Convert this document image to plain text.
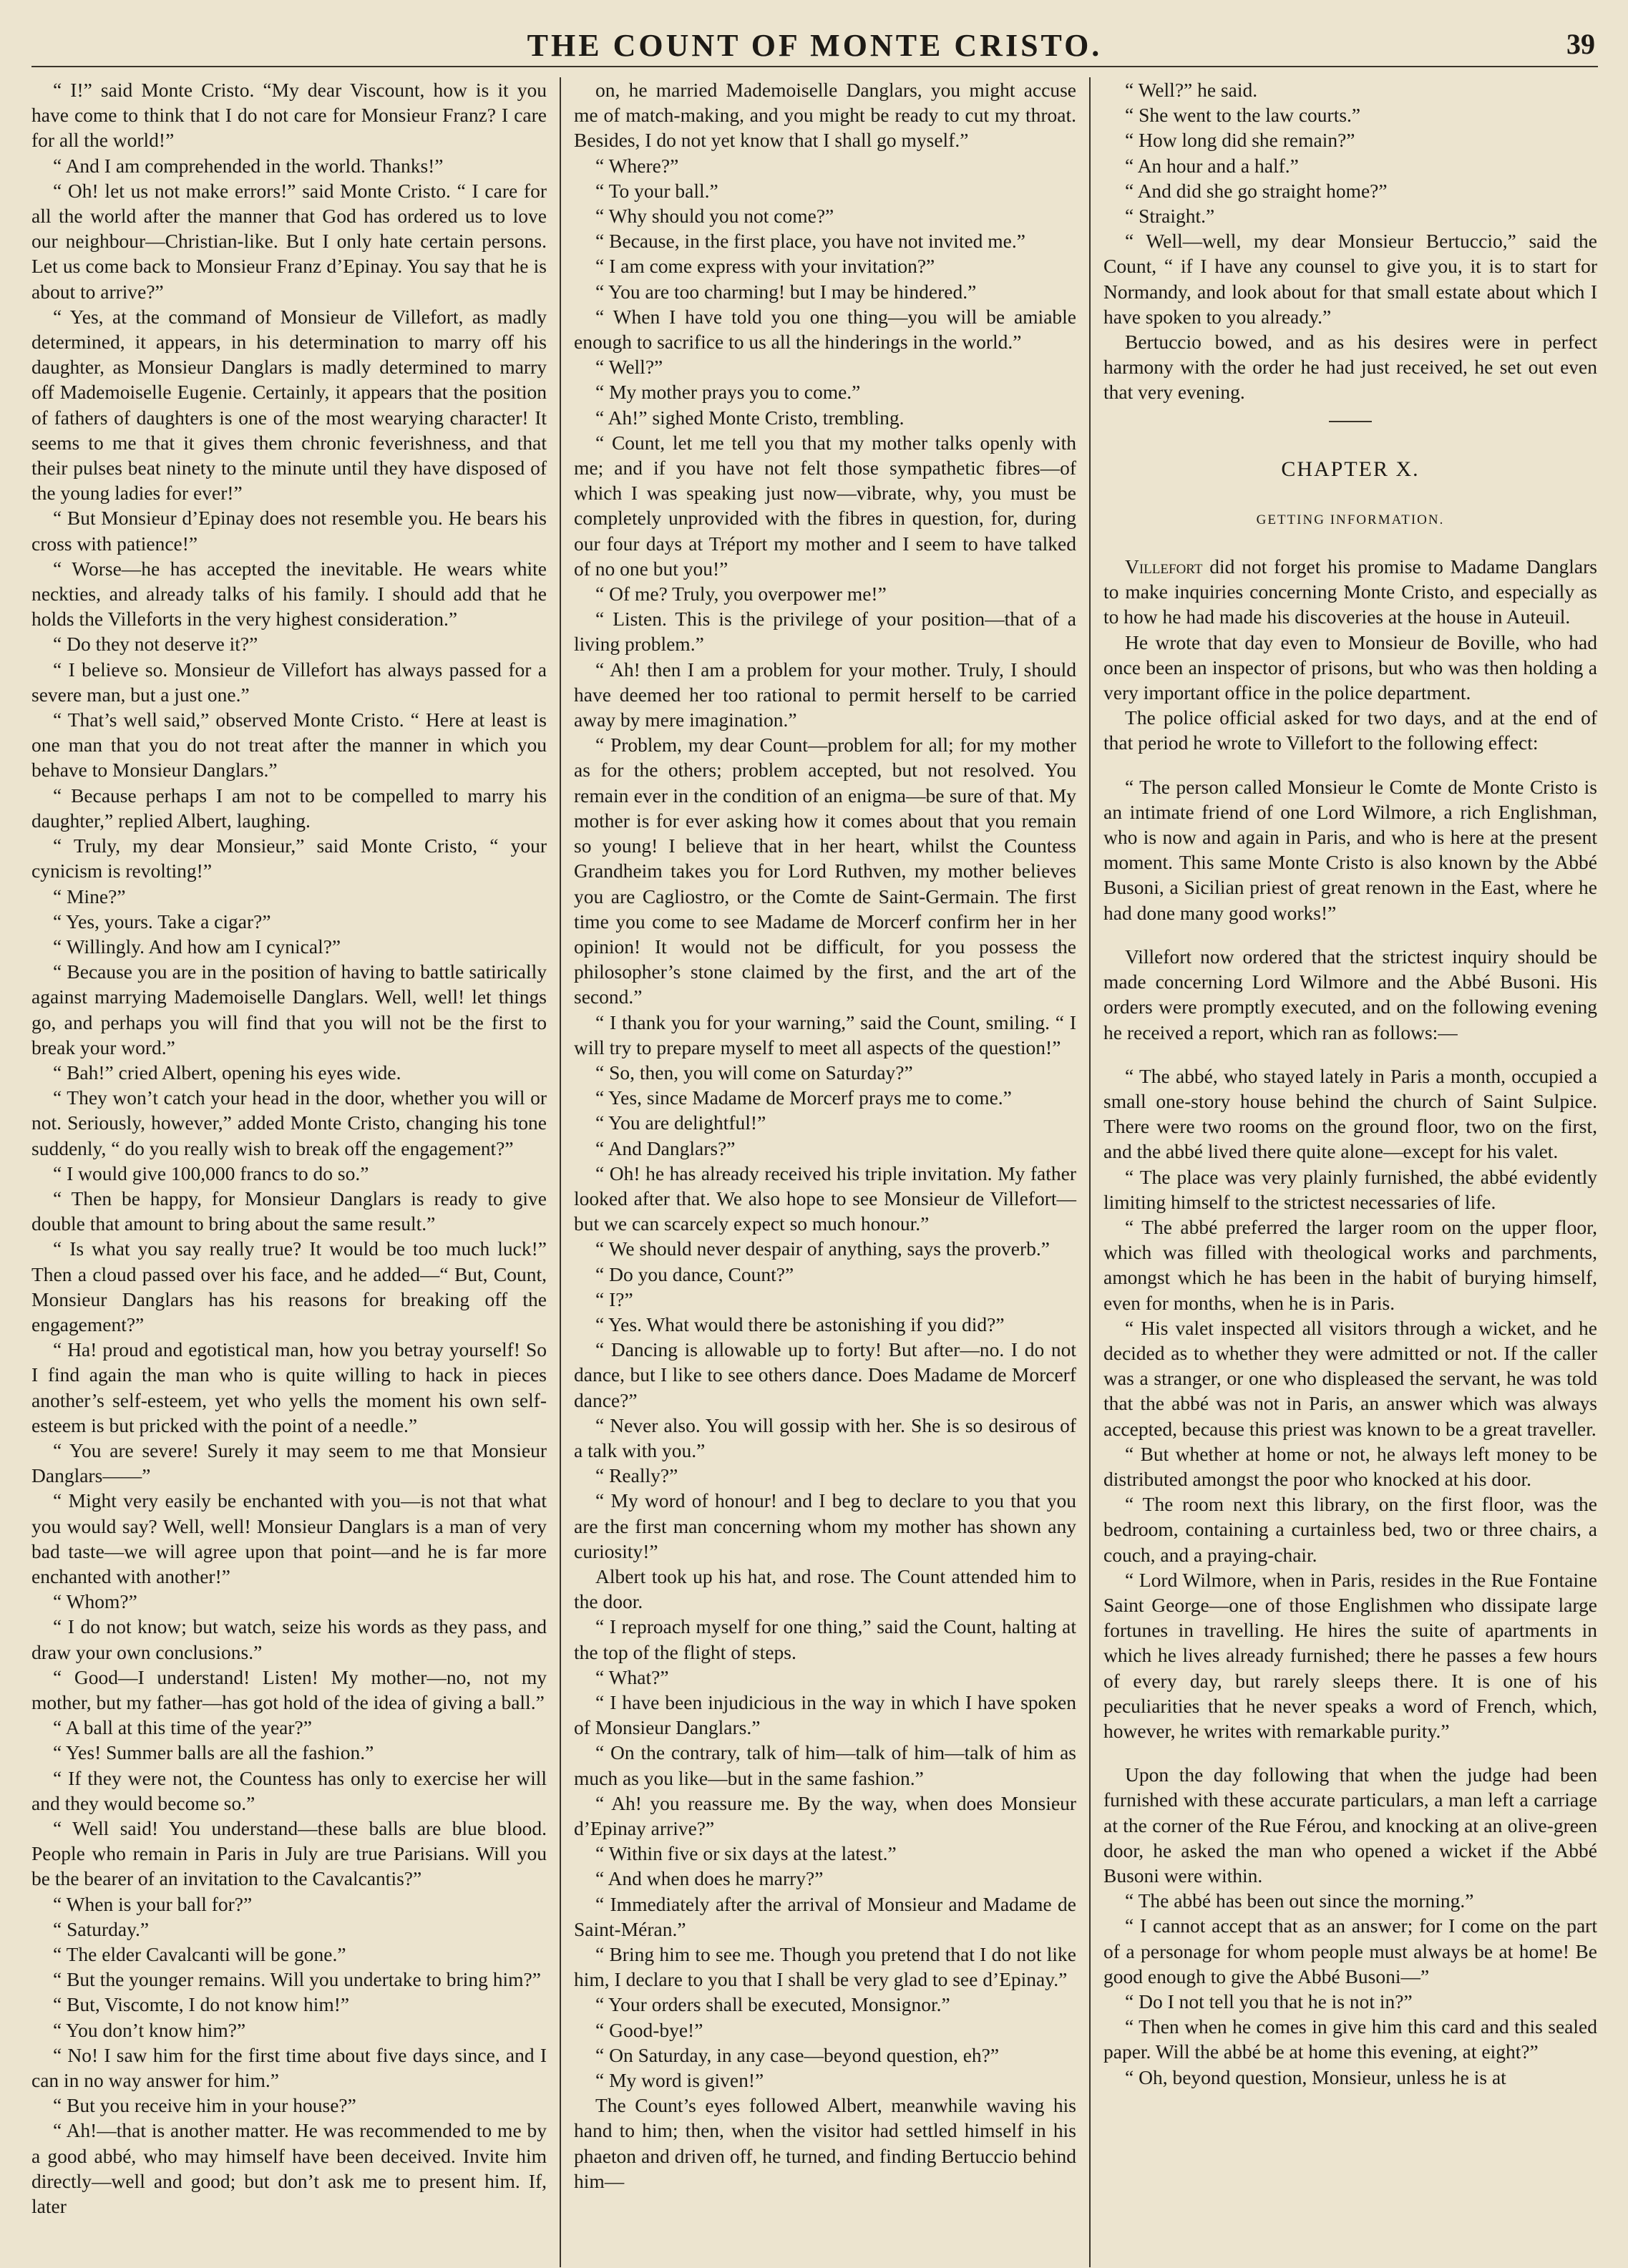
THE COUNT OF MONTE CRISTO.	39

“ I!” said Monte Cristo. “My dear Viscount, how is it you have come to think that I do not care for Monsieur Franz? I care for all the world!”

“ And I am comprehended in the world. Thanks!”

“ Oh! let us not make errors!” said Monte Cristo. “ I care for all the world after the manner that God has ordered us to love our neighbour—Christian-like. But I only hate certain persons. Let us come back to Monsieur Franz d’Epinay. You say that he is about to arrive?”

“ Yes, at the command of Monsieur de Villefort, as madly determined, it appears, in his determination to marry off his daughter, as Monsieur Danglars is madly determined to marry off Mademoiselle Eugenie. Certainly, it appears that the position of fathers of daughters is one of the most wearying character! It seems to me that it gives them chronic feverishness, and that their pulses beat ninety to the minute until they have disposed of the young ladies for ever!”

“ But Monsieur d’Epinay does not resemble you. He bears his cross with patience!”

“ Worse—he has accepted the inevitable. He wears white neckties, and already talks of his family. I should add that he holds the Villeforts in the very highest consideration.”

“ Do they not deserve it?”

“ I believe so. Monsieur de Villefort has always passed for a severe man, but a just one.”

“ That’s well said,” observed Monte Cristo. “ Here at least is one man that you do not treat after the manner in which you behave to Monsieur Danglars.”

“ Because perhaps I am not to be compelled to marry his daughter,” replied Albert, laughing.

“ Truly, my dear Monsieur,” said Monte Cristo, “ your cynicism is revolting!”

“ Mine?”

“ Yes, yours. Take a cigar?”

“ Willingly. And how am I cynical?”

“ Because you are in the position of having to battle satirically against marrying Mademoiselle Danglars. Well, well! let things go, and perhaps you will find that you will not be the first to break your word.”

“ Bah!” cried Albert, opening his eyes wide.

“ They won’t catch your head in the door, whether you will or not. Seriously, however,” added Monte Cristo, changing his tone suddenly, “ do you really wish to break off the engagement?”

“ I would give 100,000 francs to do so.”

“ Then be happy, for Monsieur Danglars is ready to give double that amount to bring about the same result.”

“ Is what you say really true? It would be too much luck!” Then a cloud passed over his face, and he added—“ But, Count, Monsieur Danglars has his reasons for breaking off the engagement?”

“ Ha! proud and egotistical man, how you betray yourself! So I find again the man who is quite willing to hack in pieces another’s self-esteem, yet who yells the moment his own self-esteem is but pricked with the point of a needle.”

“ You are severe! Surely it may seem to me that Monsieur Danglars——”

“ Might very easily be enchanted with you—is not that what you would say? Well, well! Monsieur Danglars is a man of very bad taste—we will agree upon that point—and he is far more enchanted with another!”

“ Whom?”

“ I do not know; but watch, seize his words as they pass, and draw your own conclusions.”

“ Good—I understand! Listen! My mother—no, not my mother, but my father—has got hold of the idea of giving a ball.”

“ A ball at this time of the year?”

“ Yes! Summer balls are all the fashion.”

“ If they were not, the Countess has only to exercise her will and they would become so.”

“ Well said! You understand—these balls are blue blood. People who remain in Paris in July are true Parisians. Will you be the bearer of an invitation to the Cavalcantis?”

“ When is your ball for?”

“ Saturday.”

“ The elder Cavalcanti will be gone.”

“ But the younger remains. Will you undertake to bring him?”

“ But, Viscomte, I do not know him!”

“ You don’t know him?”

“ No! I saw him for the first time about five days since, and I can in no way answer for him.”

“ But you receive him in your house?”

“ Ah!—that is another matter. He was recommended to me by a good abbé, who may himself have been deceived. Invite him directly—well and good; but don’t ask me to present him. If, later

on, he married Mademoiselle Danglars, you might accuse me of match-making, and you might be ready to cut my throat. Besides, I do not yet know that I shall go myself.”

“ Where?”

“ To your ball.”

“ Why should you not come?”

“ Because, in the first place, you have not invited me.”

“ I am come express with your invitation?”

“ You are too charming! but I may be hindered.”

“ When I have told you one thing—you will be amiable enough to sacrifice to us all the hinderings in the world.”

“ Well?”

“ My mother prays you to come.”

“ Ah!” sighed Monte Cristo, trembling.

“ Count, let me tell you that my mother talks openly with me; and if you have not felt those sympathetic fibres—of which I was speaking just now—vibrate, why, you must be completely unprovided with the fibres in question, for, during our four days at Tréport my mother and I seem to have talked of no one but you!”

“ Of me? Truly, you overpower me!”

“ Listen. This is the privilege of your position—that of a living problem.”

“ Ah! then I am a problem for your mother. Truly, I should have deemed her too rational to permit herself to be carried away by mere imagination.”

“ Problem, my dear Count—problem for all; for my mother as for the others; problem accepted, but not resolved. You remain ever in the condition of an enigma—be sure of that. My mother is for ever asking how it comes about that you remain so young! I believe that in her heart, whilst the Countess Grandheim takes you for Lord Ruthven, my mother believes you are Cagliostro, or the Comte de Saint-Germain. The first time you come to see Madame de Morcerf confirm her in her opinion! It would not be difficult, for you possess the philosopher’s stone claimed by the first, and the art of the second.”

“ I thank you for your warning,” said the Count, smiling. “ I will try to prepare myself to meet all aspects of the question!”

“ So, then, you will come on Saturday?”

“ Yes, since Madame de Morcerf prays me to come.”

“ You are delightful!”

“ And Danglars?”

“ Oh! he has already received his triple invitation. My father looked after that. We also hope to see Monsieur de Villefort—but we can scarcely expect so much honour.”

“ We should never despair of anything, says the proverb.”

“ Do you dance, Count?”

“ I?”

“ Yes. What would there be astonishing if you did?”

“ Dancing is allowable up to forty! But after—no. I do not dance, but I like to see others dance. Does Madame de Morcerf dance?”

“ Never also. You will gossip with her. She is so desirous of a talk with you.”

“ Really?”

“ My word of honour! and I beg to declare to you that you are the first man concerning whom my mother has shown any curiosity!”

Albert took up his hat, and rose. The Count attended him to the door.

“ I reproach myself for one thing,” said the Count, halting at the top of the flight of steps.

“ What?”

“ I have been injudicious in the way in which I have spoken of Monsieur Danglars.”

“ On the contrary, talk of him—talk of him—talk of him as much as you like—but in the same fashion.”

“ Ah! you reassure me. By the way, when does Monsieur d’Epinay arrive?”

“ Within five or six days at the latest.”

“ And when does he marry?”

“ Immediately after the arrival of Monsieur and Madame de Saint-Méran.”

“ Bring him to see me. Though you pretend that I do not like him, I declare to you that I shall be very glad to see d’Epinay.”

“ Your orders shall be executed, Monsignor.”

“ Good-bye!”

“ On Saturday, in any case—beyond question, eh?”

“ My word is given!”

The Count’s eyes followed Albert, meanwhile waving his hand to him; then, when the visitor had settled himself in his phaeton and driven off, he turned, and finding Bertuccio behind him—

“ Well?” he said.

“ She went to the law courts.”

“ How long did she remain?”

“ An hour and a half.”

“ And did she go straight home?”

“ Straight.”

“ Well—well, my dear Monsieur Bertuccio,” said the Count, “ if I have any counsel to give you, it is to start for Normandy, and look about for that small estate about which I have spoken to you already.”

Bertuccio bowed, and as his desires were in perfect harmony with the order he had just received, he set out even that very evening.

CHAPTER X.
GETTING INFORMATION.

Villefort did not forget his promise to Madame Danglars to make inquiries concerning Monte Cristo, and especially as to how he had made his discoveries at the house in Auteuil.

He wrote that day even to Monsieur de Boville, who had once been an inspector of prisons, but who was then holding a very important office in the police department.

The police official asked for two days, and at the end of that period he wrote to Villefort to the following effect:

“ The person called Monsieur le Comte de Monte Cristo is an intimate friend of one Lord Wilmore, a rich Englishman, who is now and again in Paris, and who is here at the present moment. This same Monte Cristo is also known by the Abbé Busoni, a Sicilian priest of great renown in the East, where he had done many good works!”

Villefort now ordered that the strictest inquiry should be made concerning Lord Wilmore and the Abbé Busoni. His orders were promptly executed, and on the following evening he received a report, which ran as follows:—

“ The abbé, who stayed lately in Paris a month, occupied a small one-story house behind the church of Saint Sulpice. There were two rooms on the ground floor, two on the first, and the abbé lived there quite alone—except for his valet.

“ The place was very plainly furnished, the abbé evidently limiting himself to the strictest necessaries of life.

“ The abbé preferred the larger room on the upper floor, which was filled with theological works and parchments, amongst which he has been in the habit of burying himself, even for months, when he is in Paris.

“ His valet inspected all visitors through a wicket, and he decided as to whether they were admitted or not. If the caller was a stranger, or one who displeased the servant, he was told that the abbé was not in Paris, an answer which was always accepted, because this priest was known to be a great traveller.

“ But whether at home or not, he always left money to be distributed amongst the poor who knocked at his door.

“ The room next this library, on the first floor, was the bedroom, containing a curtainless bed, two or three chairs, a couch, and a praying-chair.

“ Lord Wilmore, when in Paris, resides in the Rue Fontaine Saint George—one of those Englishmen who dissipate large fortunes in travelling. He hires the suite of apartments in which he lives already furnished; there he passes a few hours of every day, but rarely sleeps there. It is one of his peculiarities that he never speaks a word of French, which, however, he writes with remarkable purity.”

Upon the day following that when the judge had been furnished with these accurate particulars, a man left a carriage at the corner of the Rue Férou, and knocking at an olive-green door, he asked the man who opened a wicket if the Abbé Busoni were within.

“ The abbé has been out since the morning.”

“ I cannot accept that as an answer; for I come on the part of a personage for whom people must always be at home! Be good enough to give the Abbé Busoni—”

“ Do I not tell you that he is not in?”

“ Then when he comes in give him this card and this sealed paper. Will the abbé be at home this evening, at eight?”

“ Oh, beyond question, Monsieur, unless he is at
